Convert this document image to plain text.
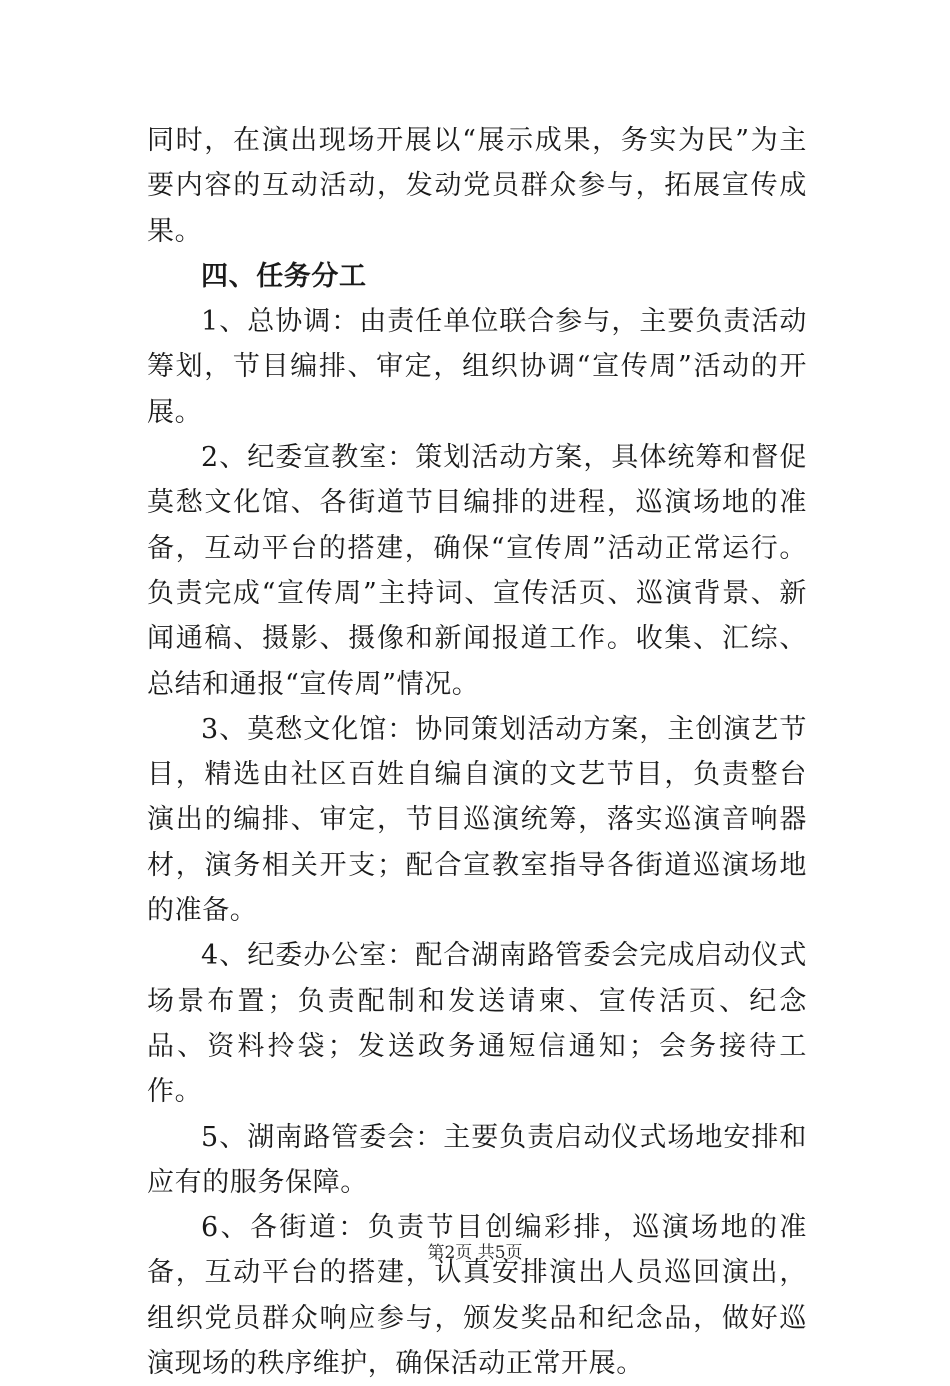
同时，在演出现场开展以“展示成果，务实为民”为主要内容的互动活动，发动党员群众参与，拓展宣传成果。

四、任务分工

1、总协调：由责任单位联合参与，主要负责活动筹划，节目编排、审定，组织协调“宣传周”活动的开展。

2、纪委宣教室：策划活动方案，具体统筹和督促莫愁文化馆、各街道节目编排的进程，巡演场地的准备，互动平台的搭建，确保“宣传周”活动正常运行。负责完成“宣传周”主持词、宣传活页、巡演背景、新闻通稿、摄影、摄像和新闻报道工作。收集、汇综、总结和通报“宣传周”情况。

3、莫愁文化馆：协同策划活动方案，主创演艺节目，精选由社区百姓自编自演的文艺节目，负责整台演出的编排、审定，节目巡演统筹，落实巡演音响器材，演务相关开支；配合宣教室指导各街道巡演场地的准备。

4、纪委办公室：配合湖南路管委会完成启动仪式场景布置；负责配制和发送请柬、宣传活页、纪念品、资料拎袋；发送政务通短信通知；会务接待工作。

5、湖南路管委会：主要负责启动仪式场地安排和应有的服务保障。

6、各街道：负责节目创编彩排，巡演场地的准备，互动平台的搭建，认真安排演出人员巡回演出，组织党员群众响应参与，颁发奖品和纪念品，做好巡演现场的秩序维护，确保活动正常开展。

第2页 共5页
